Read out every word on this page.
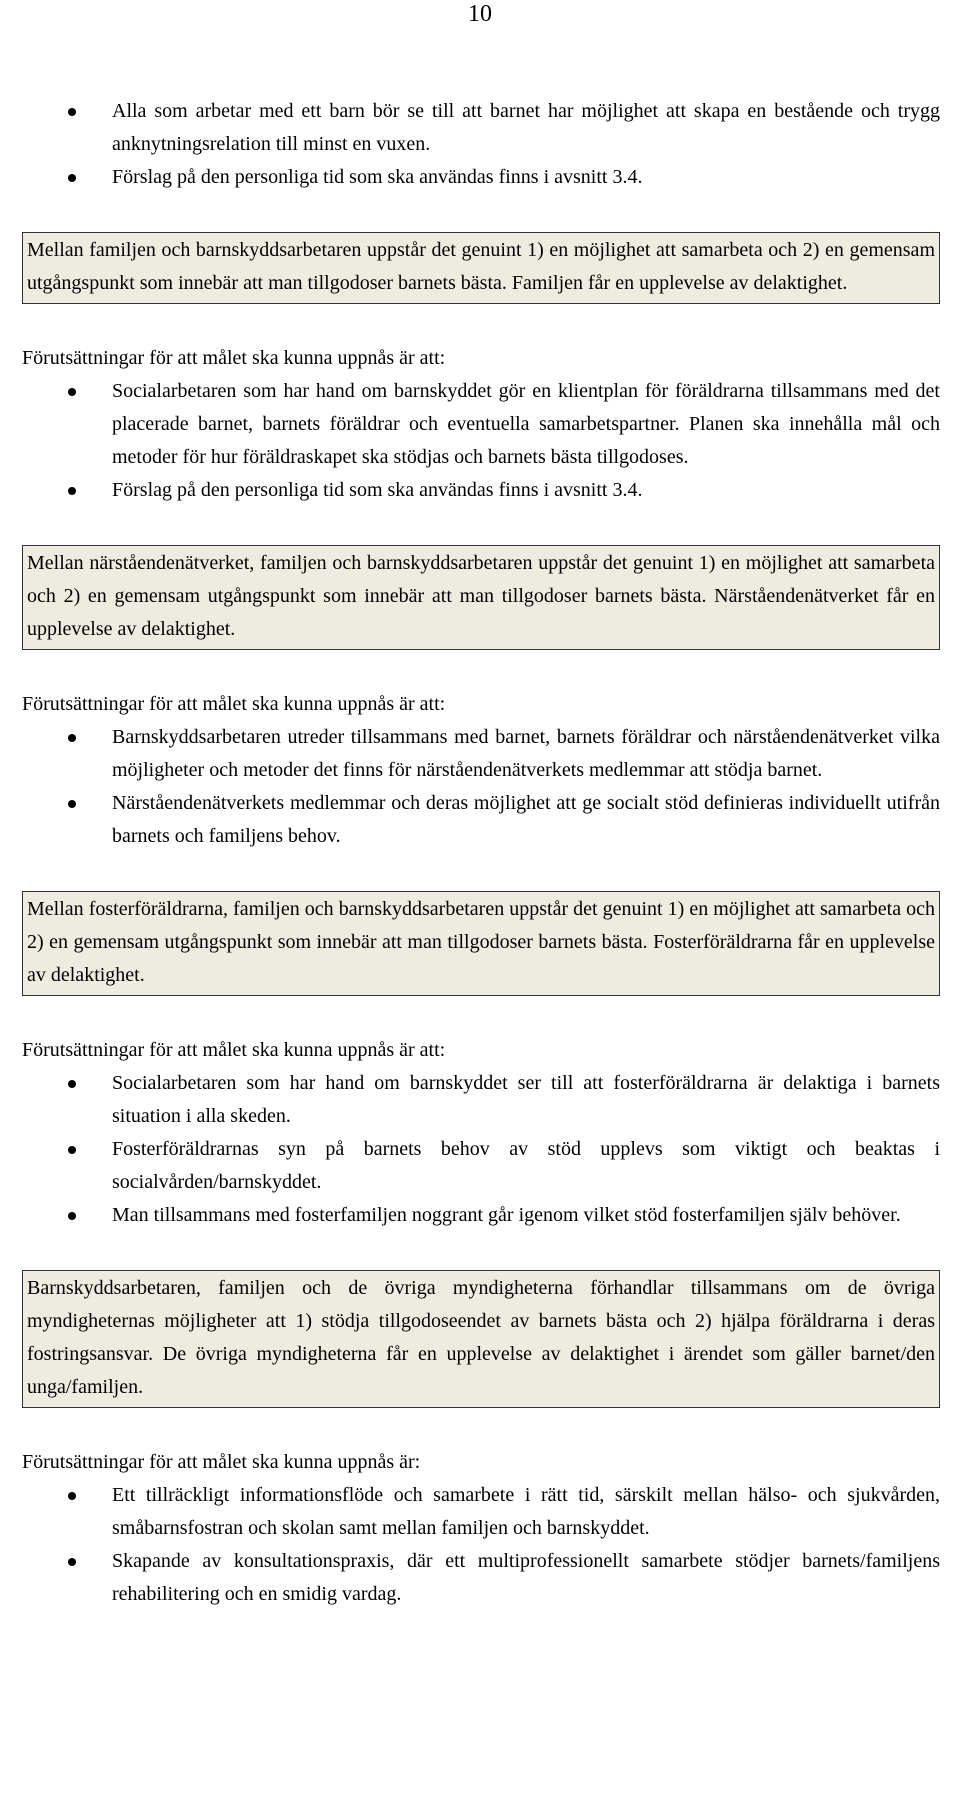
10
Alla som arbetar med ett barn bör se till att barnet har möjlighet att skapa en bestående och trygg anknytningsrelation till minst en vuxen.
Förslag på den personliga tid som ska användas finns i avsnitt 3.4.
Mellan familjen och barnskyddsarbetaren uppstår det genuint 1) en möjlighet att samarbeta och 2) en gemensam utgångspunkt som innebär att man tillgodoser barnets bästa. Familjen får en upplevelse av delaktighet.

Förutsättningar för att målet ska kunna uppnås är att:

Socialarbetaren som har hand om barnskyddet gör en klientplan för föräldrarna tillsammans med det placerade barnet, barnets föräldrar och eventuella samarbetspartner. Planen ska innehålla mål och metoder för hur föräldraskapet ska stödjas och barnets bästa tillgodoses.
Förslag på den personliga tid som ska användas finns i avsnitt 3.4.
Mellan närståendenätverket, familjen och barnskyddsarbetaren uppstår det genuint 1) en möjlighet att samarbeta och 2) en gemensam utgångspunkt som innebär att man tillgodoser barnets bästa. Närståendenätverket får en upplevelse av delaktighet.

Förutsättningar för att målet ska kunna uppnås är att:

Barnskyddsarbetaren utreder tillsammans med barnet, barnets föräldrar och närståendenätverket vilka möjligheter och metoder det finns för närståendenätverkets medlemmar att stödja barnet.
Närståendenätverkets medlemmar och deras möjlighet att ge socialt stöd definieras individuellt utifrån barnets och familjens behov.
Mellan fosterföräldrarna, familjen och barnskyddsarbetaren uppstår det genuint 1) en möjlighet att samarbeta och 2) en gemensam utgångspunkt som innebär att man tillgodoser barnets bästa. Fosterföräldrarna får en upplevelse av delaktighet.

Förutsättningar för att målet ska kunna uppnås är att:

Socialarbetaren som har hand om barnskyddet ser till att fosterföräldrarna är delaktiga i barnets situation i alla skeden.
Fosterföräldrarnas syn på barnets behov av stöd upplevs som viktigt och beaktas i socialvården/barnskyddet.
Man tillsammans med fosterfamiljen noggrant går igenom vilket stöd fosterfamiljen själv behöver.
Barnskyddsarbetaren, familjen och de övriga myndigheterna förhandlar tillsammans om de övriga myndigheternas möjligheter att 1) stödja tillgodoseendet av barnets bästa och 2) hjälpa föräldrarna i deras fostringsansvar. De övriga myndigheterna får en upplevelse av delaktighet i ärendet som gäller barnet/den unga/familjen.

Förutsättningar för att målet ska kunna uppnås är:

Ett tillräckligt informationsflöde och samarbete i rätt tid, särskilt mellan hälso- och sjukvården, småbarnsfostran och skolan samt mellan familjen och barnskyddet.
Skapande av konsultationspraxis, där ett multiprofessionellt samarbete stödjer barnets/familjens rehabilitering och en smidig vardag.
